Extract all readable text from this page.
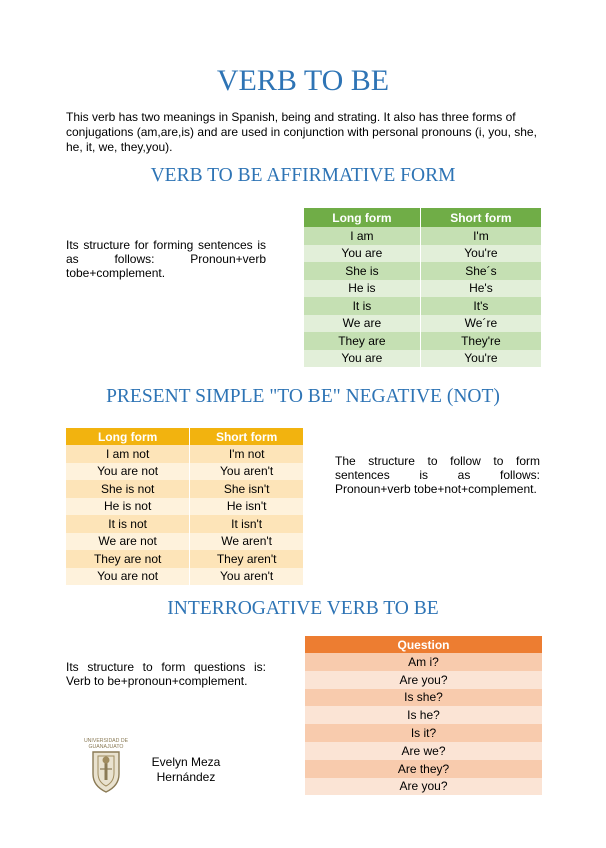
VERB TO BE

This verb has two meanings in Spanish, being and strating. It also has three forms of conjugations (am,are,is) and are used in conjunction with personal pronouns (i, you, she, he, it, we, they,you).

VERB TO BE AFFIRMATIVE FORM

Its structure for forming sentences is as follows: Pronoun+verb tobe+complement.

Long form	Short form
I am	I'm
You are	You're
She is	She´s
He is	He's
It is	It's
We are	We´re
They are	They're
You are	You're
PRESENT SIMPLE "TO BE" NEGATIVE (NOT)
Long form	Short form
I am not	I'm not
You are not	You aren't
She is not	She isn't
He is not	He isn't
It is not	It isn't
We are not	We aren't
They are not	They aren't
You are not	You aren't

The structure to follow to form sentences is as follows: Pronoun+verb tobe+not+complement.

INTERROGATIVE VERB TO BE

Its structure to form questions is: Verb to be+pronoun+complement.

Question
Am i?
Are you?
Is she?
Is he?
Is it?
Are we?
Are they?
Are you?
UNIVERSIDAD DE
GUANAJUATO

Evelyn Meza Hernández
